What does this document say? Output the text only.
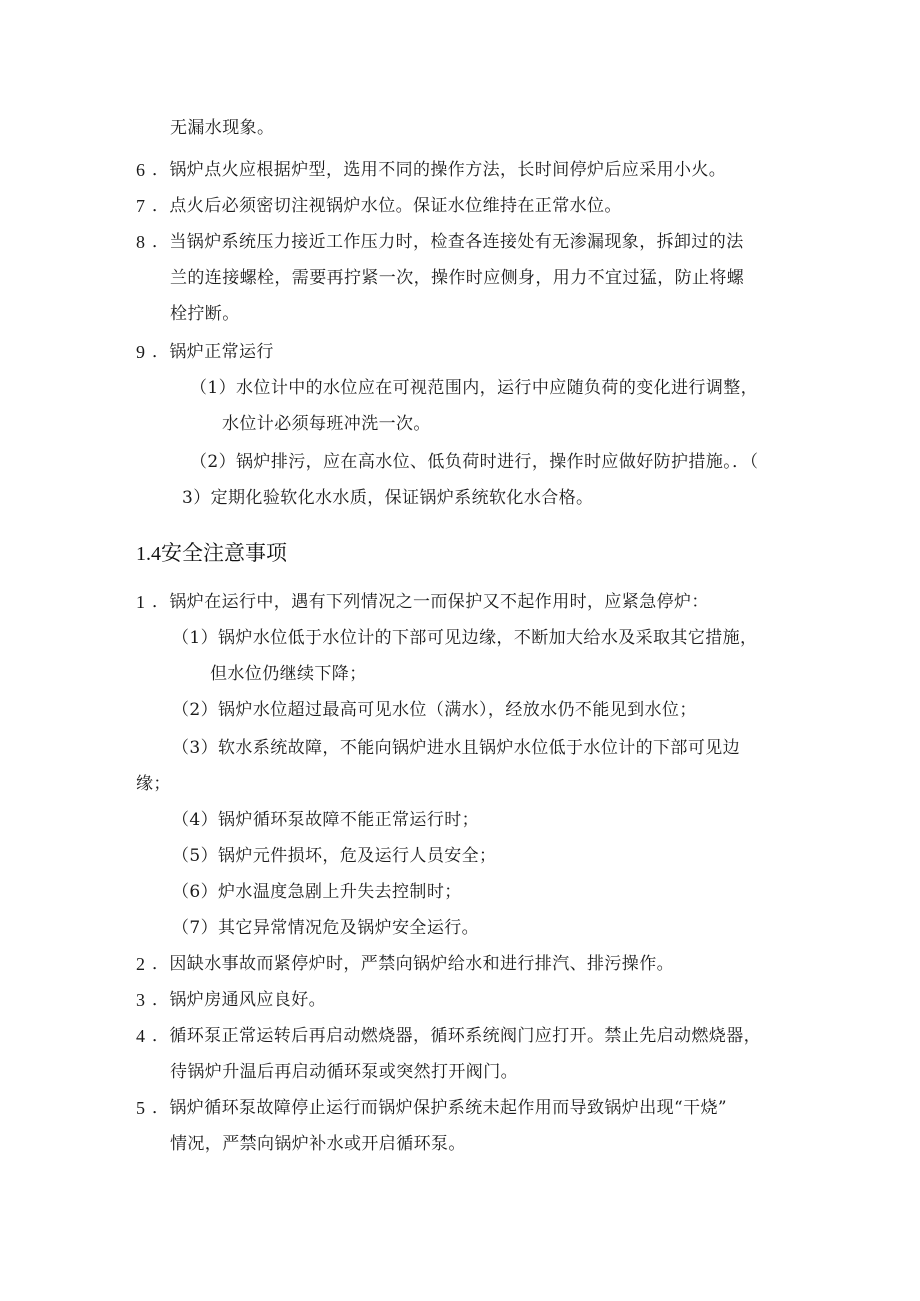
无漏水现象。
6 ．锅炉点火应根据炉型，选用不同的操作方法，长时间停炉后应采用小火。
7 ．点火后必须密切注视锅炉水位。保证水位维持在正常水位。
8 ．当锅炉系统压力接近工作压力时，检查各连接处有无渗漏现象，拆卸过的法
兰的连接螺栓，需要再拧紧一次，操作时应侧身，用力不宜过猛，防止将螺
栓拧断。
9 ．锅炉正常运行
（1）水位计中的水位应在可视范围内，运行中应随负荷的变化进行调整，
水位计必须每班冲洗一次。
（2）锅炉排污，应在高水位、低负荷时进行，操作时应做好防护措施。．（
3）定期化验软化水水质，保证锅炉系统软化水合格。
1.4安全注意事项
1 ．锅炉在运行中，遇有下列情况之一而保护又不起作用时，应紧急停炉：
（1）锅炉水位低于水位计的下部可见边缘，不断加大给水及采取其它措施，
但水位仍继续下降；
（2）锅炉水位超过最高可见水位（满水），经放水仍不能见到水位；
（3）软水系统故障，不能向锅炉进水且锅炉水位低于水位计的下部可见边
缘；
（4）锅炉循环泵故障不能正常运行时；
（5）锅炉元件损坏，危及运行人员安全；
（6）炉水温度急剧上升失去控制时；
（7）其它异常情况危及锅炉安全运行。
2 ．因缺水事故而紧停炉时，严禁向锅炉给水和进行排汽、排污操作。
3 ．锅炉房通风应良好。
4 ．循环泵正常运转后再启动燃烧器，循环系统阀门应打开。禁止先启动燃烧器，
待锅炉升温后再启动循环泵或突然打开阀门。
5 ．锅炉循环泵故障停止运行而锅炉保护系统未起作用而导致锅炉出现“干烧”
情况，严禁向锅炉补水或开启循环泵。
